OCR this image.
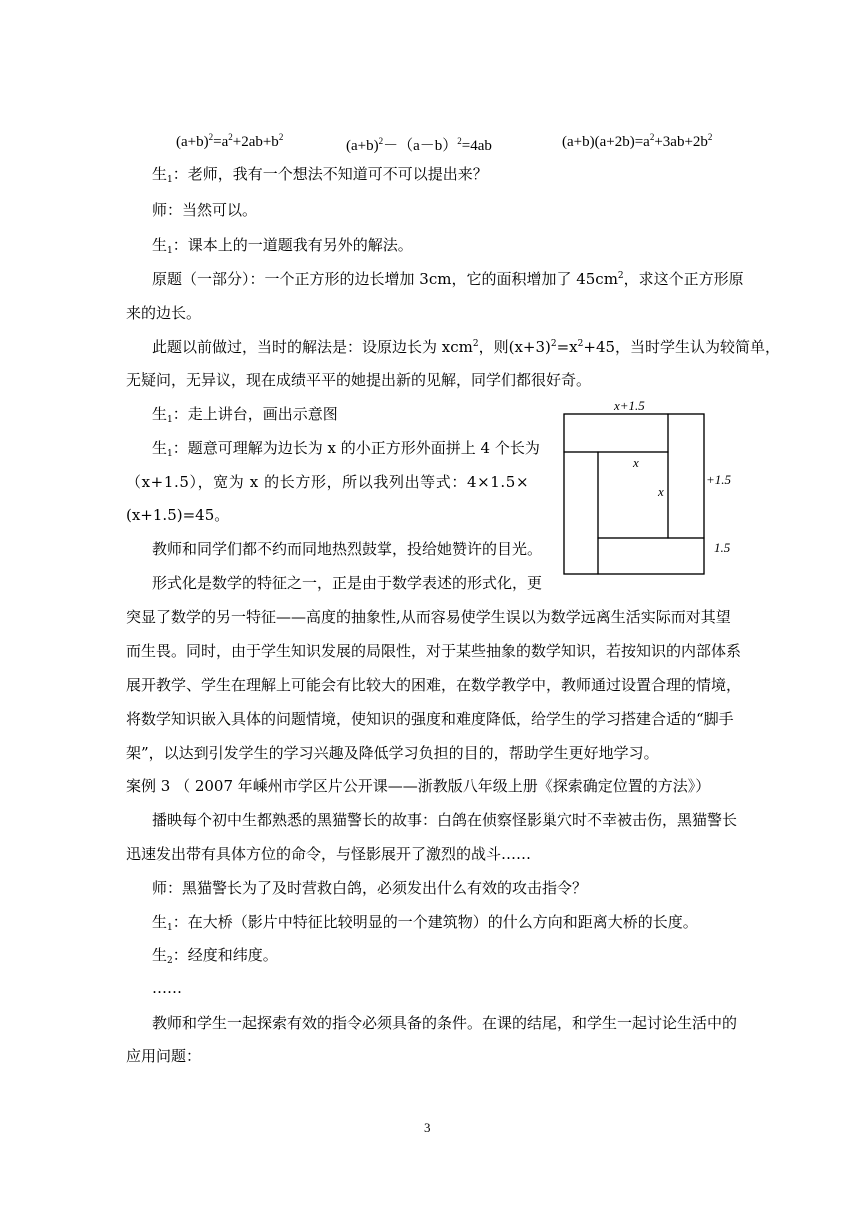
$(a+b)^2=a^2+2ab+b^2$
$(a+b)^2-(a-b)^2=4ab$	$(a+b)(a+2b)=a^2+3ab+2b^2$
生$_1$：老师，我有一个想法不知道可不可以提出来？
师：当然可以。
生$_1$：课本上的一道题我有另外的解法。
原题（一部分）：一个正方形的边长增加 3cm，它的面积增加了 $45cm^2$，求这个正方形原
来的边长。
此题以前做过，当时的解法是：设原边长为 xcm$^2$，则$(x+3)^2=x^2+45$，当时学生认为较简单，
无疑问，无异议，现在成绩平平的她提出新的见解，同学们都很好奇。
生$_1$：走上讲台，画出示意图
生$_1$：题意可理解为边长为 x 的小正方形外面拼上 4 个长为
（x+1.5），宽为 x 的长方形，所以我列出等式：4×1.5×
(x+1.5)=45。
教师和同学们都不约而同地热烈鼓掌，投给她赞许的目光。
形式化是数学的特征之一，正是由于数学表述的形式化，更
突显了数学的另一特征——高度的抽象性,从而容易使学生误以为数学远离生活实际而对其望
而生畏。同时，由于学生知识发展的局限性，对于某些抽象的数学知识，若按知识的内部体系
展开教学、学生在理解上可能会有比较大的困难，在数学教学中，教师通过设置合理的情境，
将数学知识嵌入具体的问题情境，使知识的强度和难度降低，给学生的学习搭建合适的“脚手
架”，以达到引发学生的学习兴趣及降低学习负担的目的，帮助学生更好地学习。
案例 3 （ 2007 年嵊州市学区片公开课——浙教版八年级上册《探索确定位置的方法》）
播映每个初中生都熟悉的黑猫警长的故事：白鸽在侦察怪影巢穴时不幸被击伤，黑猫警长
迅速发出带有具体方位的命令，与怪影展开了激烈的战斗……
师：黑猫警长为了及时营救白鸽，必须发出什么有效的攻击指令？
生$_1$：在大桥（影片中特征比较明显的一个建筑物）的什么方向和距离大桥的长度。
生$_2$：经度和纬度。
……
教师和学生一起探索有效的指令必须具备的条件。在课的结尾，和学生一起讨论生活中的
应用问题：
x+1.5
+1.5
1.5
x
x
3
